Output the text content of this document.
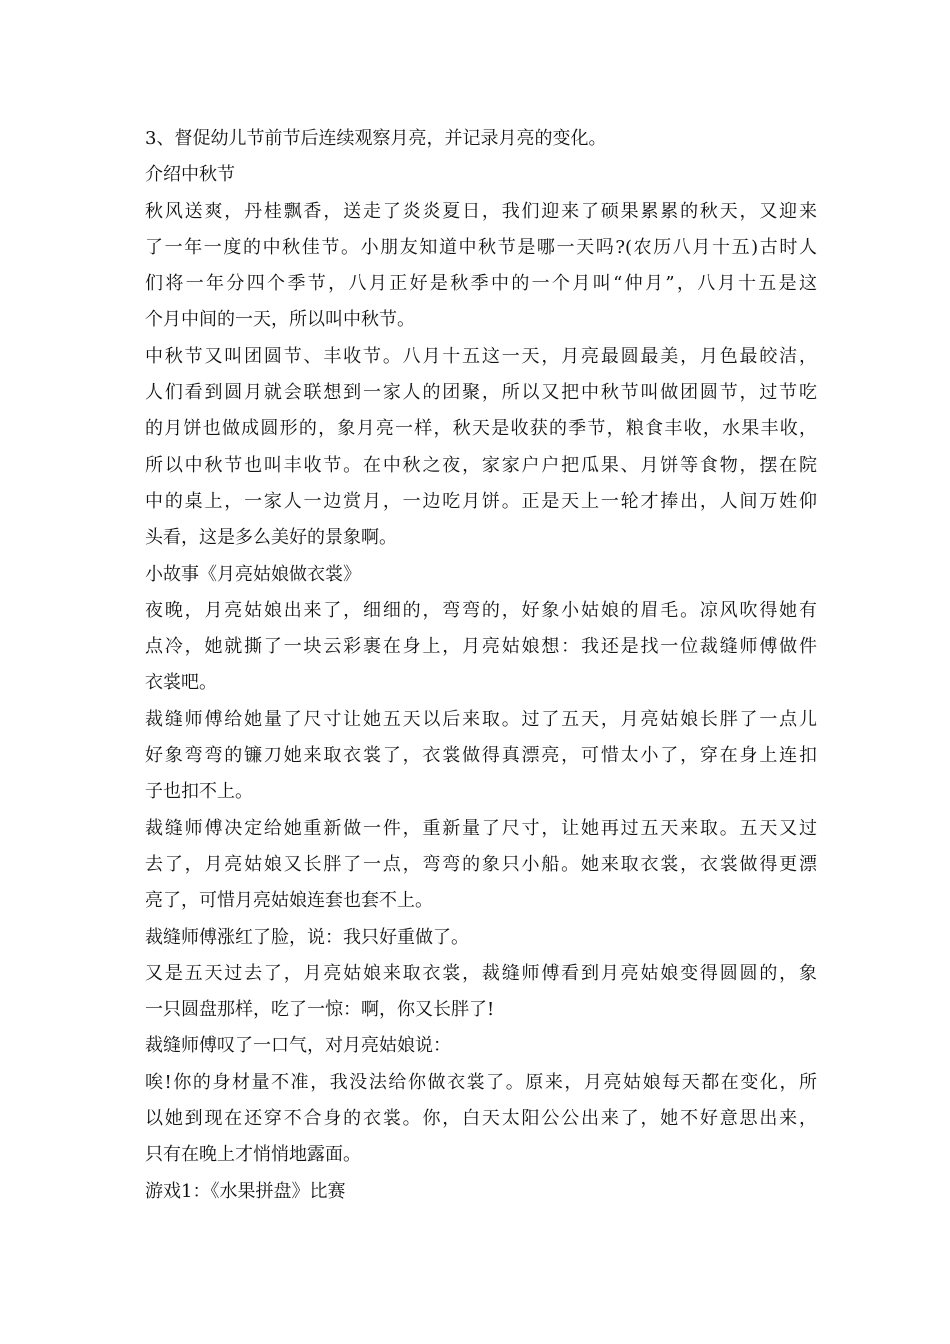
3、督促幼儿节前节后连续观察月亮，并记录月亮的变化。
介绍中秋节
秋风送爽，丹桂飘香，送走了炎炎夏日，我们迎来了硕果累累的秋天，又迎来
了一年一度的中秋佳节。小朋友知道中秋节是哪一天吗?(农历八月十五)古时人
们将一年分四个季节，八月正好是秋季中的一个月叫“仲月”，八月十五是这
个月中间的一天，所以叫中秋节。
中秋节又叫团圆节、丰收节。八月十五这一天，月亮最圆最美，月色最皎洁，
人们看到圆月就会联想到一家人的团聚，所以又把中秋节叫做团圆节，过节吃
的月饼也做成圆形的，象月亮一样，秋天是收获的季节，粮食丰收，水果丰收，
所以中秋节也叫丰收节。在中秋之夜，家家户户把瓜果、月饼等食物，摆在院
中的桌上，一家人一边赏月，一边吃月饼。正是天上一轮才捧出，人间万姓仰
头看，这是多么美好的景象啊。
小故事《月亮姑娘做衣裳》
夜晚，月亮姑娘出来了，细细的，弯弯的，好象小姑娘的眉毛。凉风吹得她有
点冷，她就撕了一块云彩裹在身上，月亮姑娘想：我还是找一位裁缝师傅做件
衣裳吧。
裁缝师傅给她量了尺寸让她五天以后来取。过了五天，月亮姑娘长胖了一点儿
好象弯弯的镰刀她来取衣裳了，衣裳做得真漂亮，可惜太小了，穿在身上连扣
子也扣不上。
裁缝师傅决定给她重新做一件，重新量了尺寸，让她再过五天来取。五天又过
去了，月亮姑娘又长胖了一点，弯弯的象只小船。她来取衣裳，衣裳做得更漂
亮了，可惜月亮姑娘连套也套不上。
裁缝师傅涨红了脸，说：我只好重做了。
又是五天过去了，月亮姑娘来取衣裳，裁缝师傅看到月亮姑娘变得圆圆的，象
一只圆盘那样，吃了一惊：啊，你又长胖了!
裁缝师傅叹了一口气，对月亮姑娘说：
唉!你的身材量不准，我没法给你做衣裳了。原来，月亮姑娘每天都在变化，所
以她到现在还穿不合身的衣裳。你，白天太阳公公出来了，她不好意思出来，
只有在晚上才悄悄地露面。
游戏1：《水果拼盘》比赛
